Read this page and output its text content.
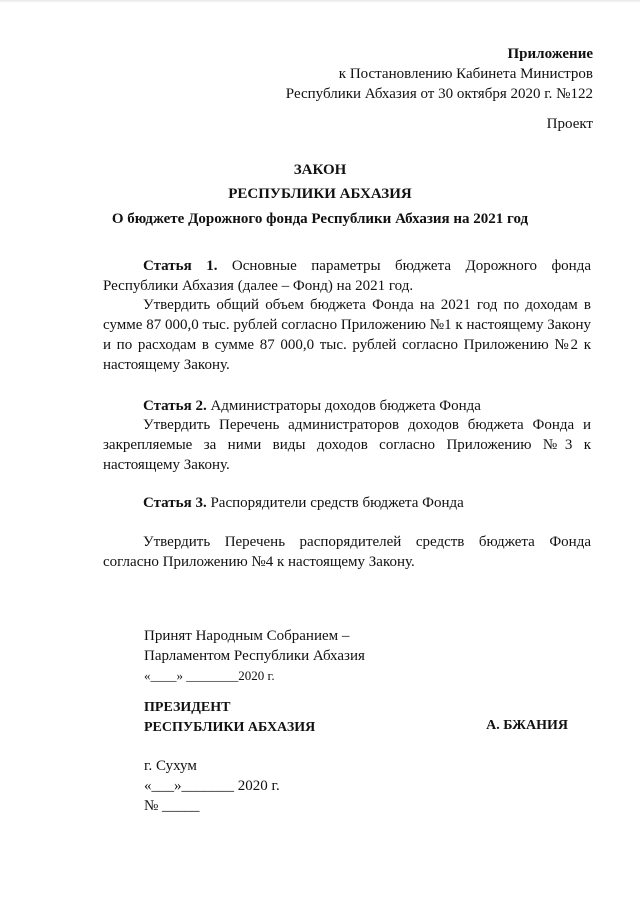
Приложение
к Постановлению Кабинета Министров
Республики Абхазия от 30 октября 2020 г. №122
Проект
ЗАКОН
РЕСПУБЛИКИ АБХАЗИЯ
О бюджете Дорожного фонда Республики Абхазия на 2021 год
Статья 1. Основные параметры бюджета Дорожного фонда Республики Абхазия (далее – Фонд) на 2021 год.
Утвердить общий объем бюджета Фонда на 2021 год по доходам в сумме 87 000,0 тыс. рублей согласно Приложению №1 к настоящему Закону и по расходам в сумме 87 000,0 тыс. рублей согласно Приложению №2 к настоящему Закону.
Статья 2. Администраторы доходов бюджета Фонда
Утвердить Перечень администраторов доходов бюджета Фонда и закрепляемые за ними виды доходов согласно Приложению №3 к настоящему Закону.
Статья 3. Распорядители средств бюджета Фонда
Утвердить Перечень распорядителей средств бюджета Фонда согласно Приложению №4 к настоящему Закону.
Принят Народным Собранием –
Парламентом Республики Абхазия
«____» ________2020 г.
ПРЕЗИДЕНТ
РЕСПУБЛИКИ АБХАЗИЯ	А. БЖАНИЯ
г. Сухум
«___»_______ 2020 г.
№ _____
